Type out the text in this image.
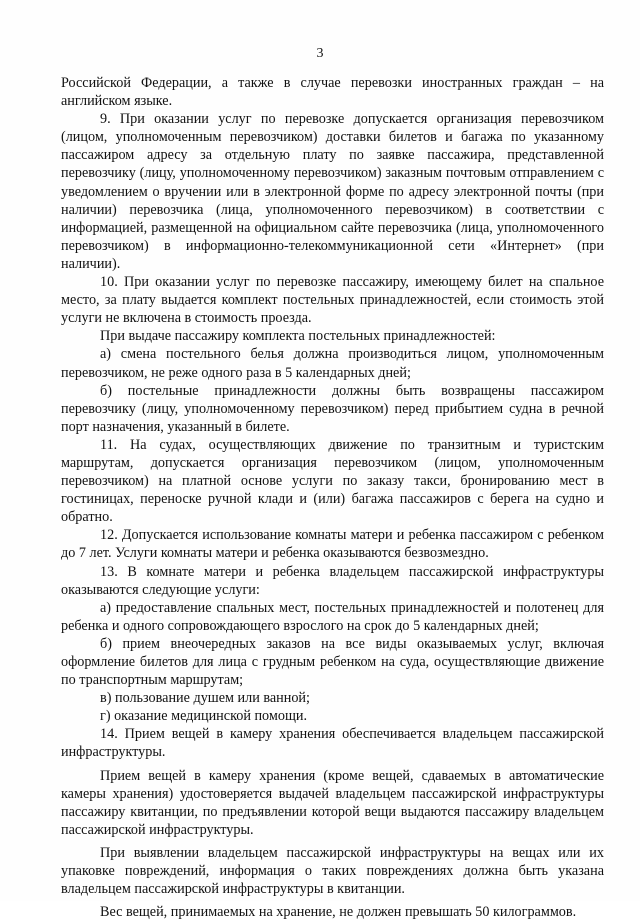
3

Российской Федерации, а также в случае перевозки иностранных граждан – на английском языке.

9. При оказании услуг по перевозке допускается организация перевозчиком (лицом, уполномоченным перевозчиком) доставки билетов и багажа по указанному пассажиром адресу за отдельную плату по заявке пассажира, представленной перевозчику (лицу, уполномоченному перевозчиком) заказным почтовым отправлением с уведомлением о вручении или в электронной форме по адресу электронной почты (при наличии) перевозчика (лица, уполномоченного перевозчиком) в соответствии с информацией, размещенной на официальном сайте перевозчика (лица, уполномоченного перевозчиком) в информационно-телекоммуникационной сети «Интернет» (при наличии).

10. При оказании услуг по перевозке пассажиру, имеющему билет на спальное место, за плату выдается комплект постельных принадлежностей, если стоимость этой услуги не включена в стоимость проезда.

При выдаче пассажиру комплекта постельных принадлежностей:

а) смена постельного белья должна производиться лицом, уполномоченным перевозчиком, не реже одного раза в 5 календарных дней;

б) постельные принадлежности должны быть возвращены пассажиром перевозчику (лицу, уполномоченному перевозчиком) перед прибытием судна в речной порт назначения, указанный в билете.

11. На судах, осуществляющих движение по транзитным и туристским маршрутам, допускается организация перевозчиком (лицом, уполномоченным перевозчиком) на платной основе услуги по заказу такси, бронированию мест в гостиницах, переноске ручной клади и (или) багажа пассажиров с берега на судно и обратно.

12. Допускается использование комнаты матери и ребенка пассажиром с ребенком до 7 лет. Услуги комнаты матери и ребенка оказываются безвозмездно.

13. В комнате матери и ребенка владельцем пассажирской инфраструктуры оказываются следующие услуги:

а) предоставление спальных мест, постельных принадлежностей и полотенец для ребенка и одного сопровождающего взрослого на срок до 5 календарных дней;

б) прием внеочередных заказов на все виды оказываемых услуг, включая оформление билетов для лица с грудным ребенком на суда, осуществляющие движение по транспортным маршрутам;

в) пользование душем или ванной;

г) оказание медицинской помощи.

14. Прием вещей в камеру хранения обеспечивается владельцем пассажирской инфраструктуры.

Прием вещей в камеру хранения (кроме вещей, сдаваемых в автоматические камеры хранения) удостоверяется выдачей владельцем пассажирской инфраструктуры пассажиру квитанции, по предъявлении которой вещи выдаются пассажиру владельцем пассажирской инфраструктуры.

При выявлении владельцем пассажирской инфраструктуры на вещах или их упаковке повреждений, информация о таких повреждениях должна быть указана владельцем пассажирской инфраструктуры в квитанции.

Вес вещей, принимаемых на хранение, не должен превышать 50 килограммов.
